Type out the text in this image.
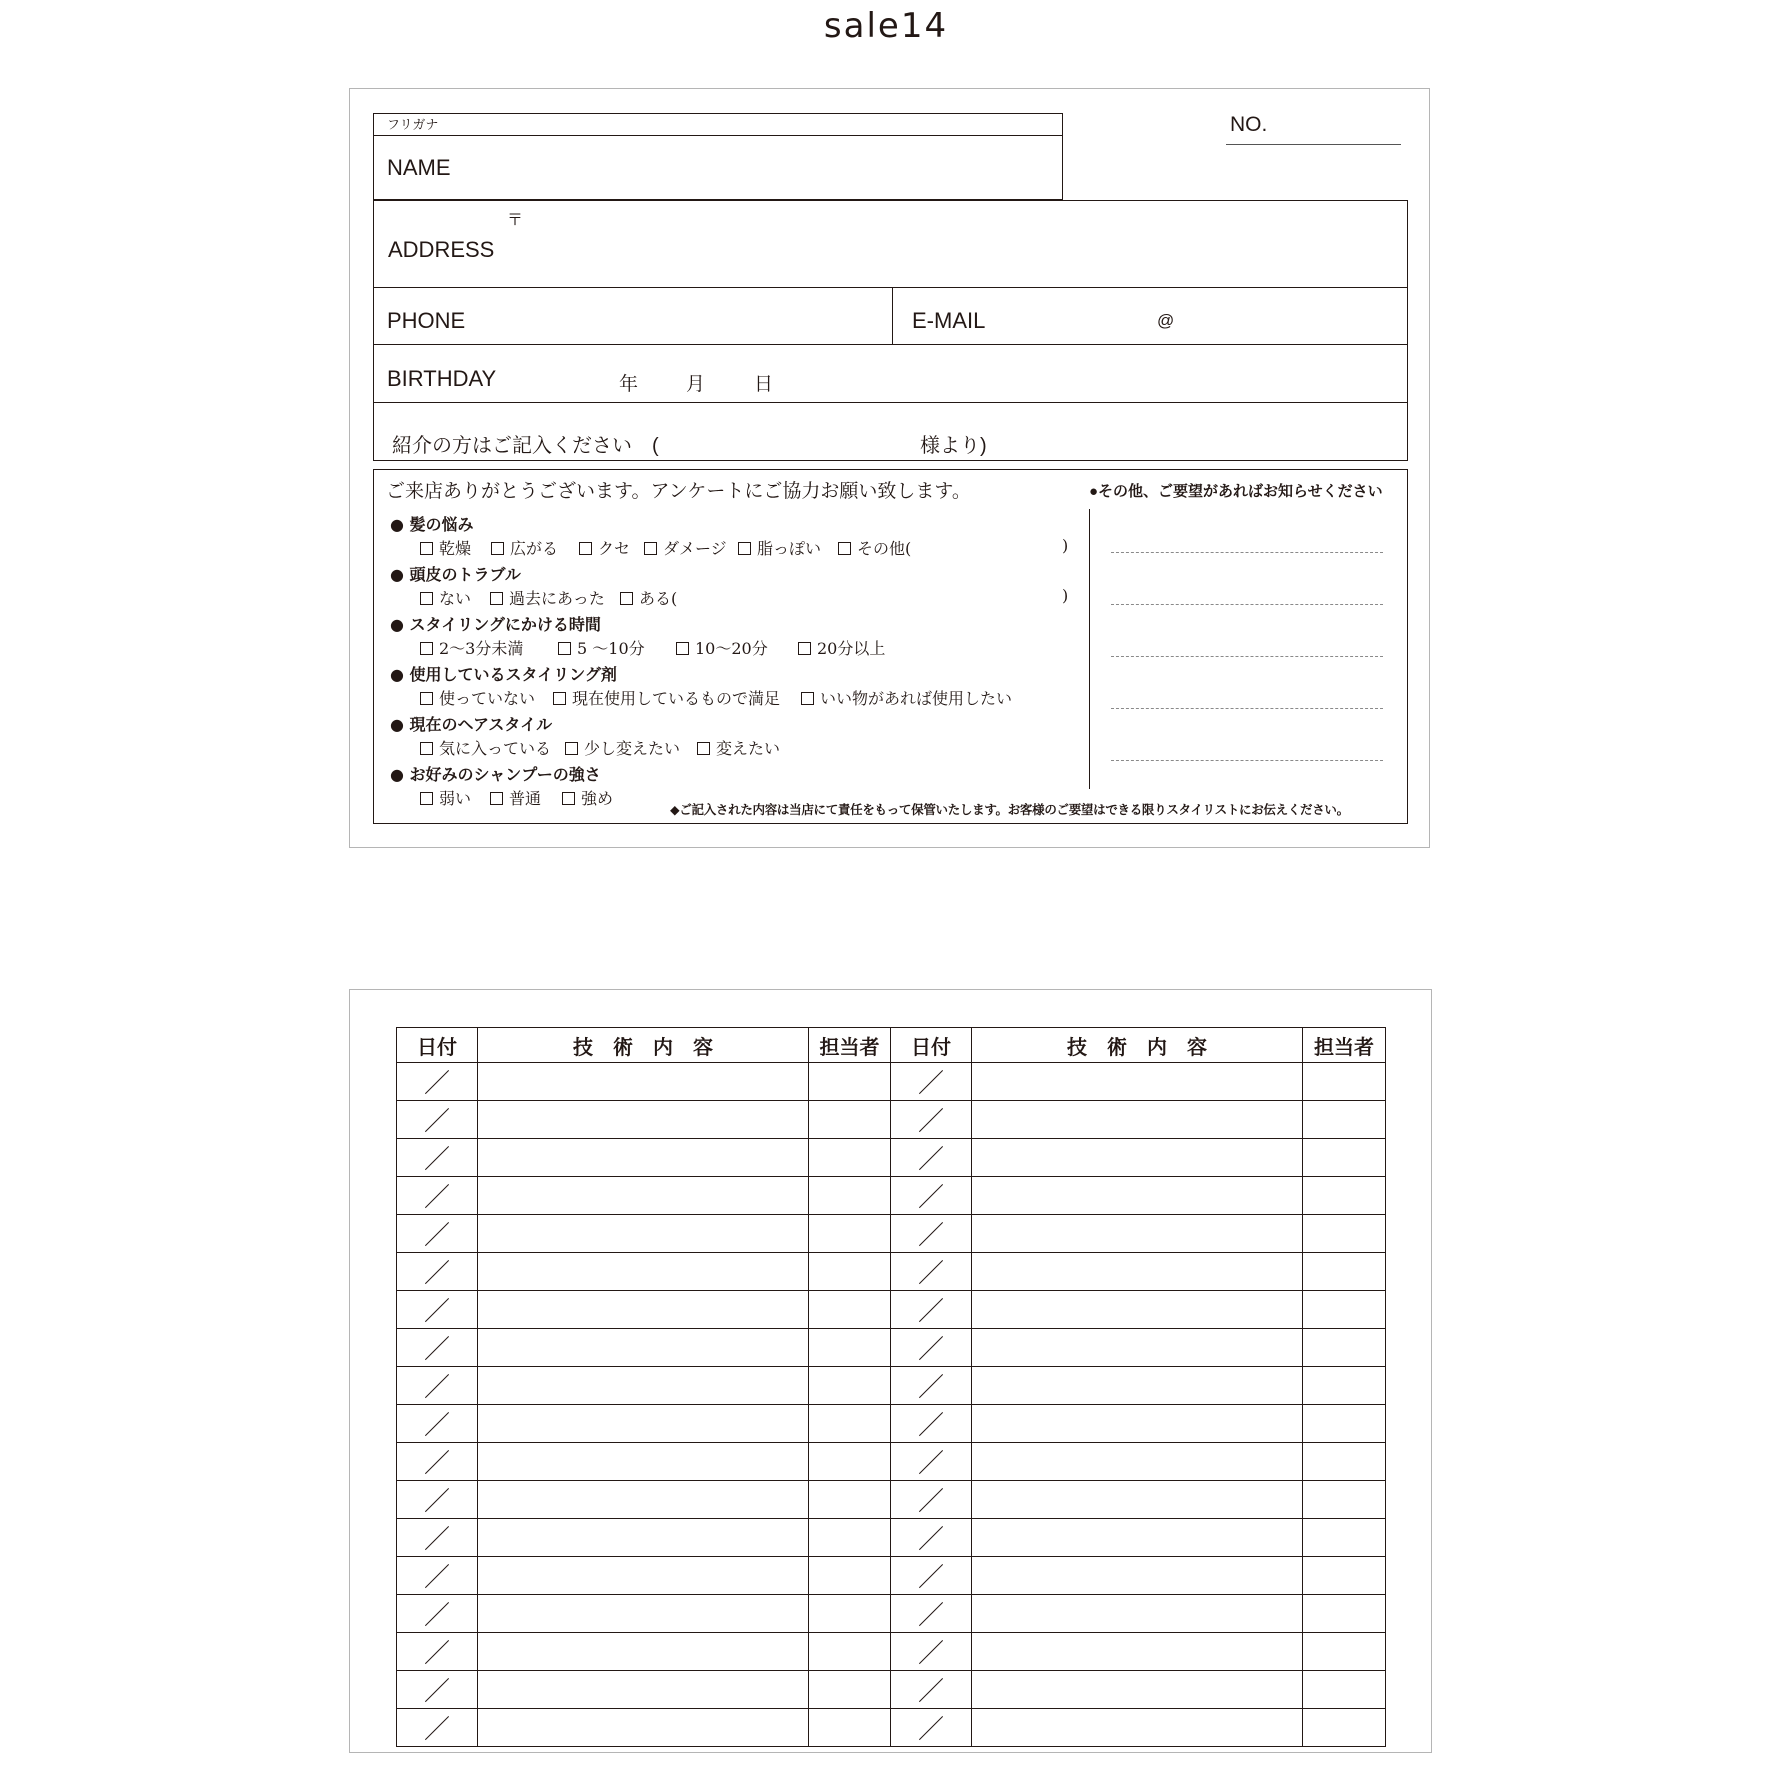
sale14
フリガナ
NAME
NO.
〒
ADDRESS
PHONE	E-MAIL	@
BIRTHDAY	年	月	日
紹介の方はご記入ください　(	様より)
ご来店ありがとうございます。アンケートにご協力お願い致します。	●その他、ご要望があればお知らせください
● 髪の悩み
乾燥	広がる	クセ	ダメージ	脂っぽい	その他(	)
● 頭皮のトラブル
ない	過去にあった	ある(	)
● スタイリングにかける時間
2〜3分未満	5 〜10分	10〜20分	20分以上
● 使用しているスタイリング剤
使っていない	現在使用しているもので満足	いい物があれば使用したい
● 現在のヘアスタイル
気に入っている	少し変えたい	変えたい
● お好みのシャンプーの強さ
弱い	普通	強め
◆ご記入された内容は当店にて責任をもって保管いたします。お客様のご要望はできる限りスタイリストにお伝えください。
日付	技　術　内　容	担当者	日付	技　術　内　容	担当者
／			／		
／			／		
／			／		
／			／		
／			／		
／			／		
／			／		
／			／		
／			／		
／			／		
／			／		
／			／		
／			／		
／			／		
／			／		
／			／		
／			／		
／			／		
